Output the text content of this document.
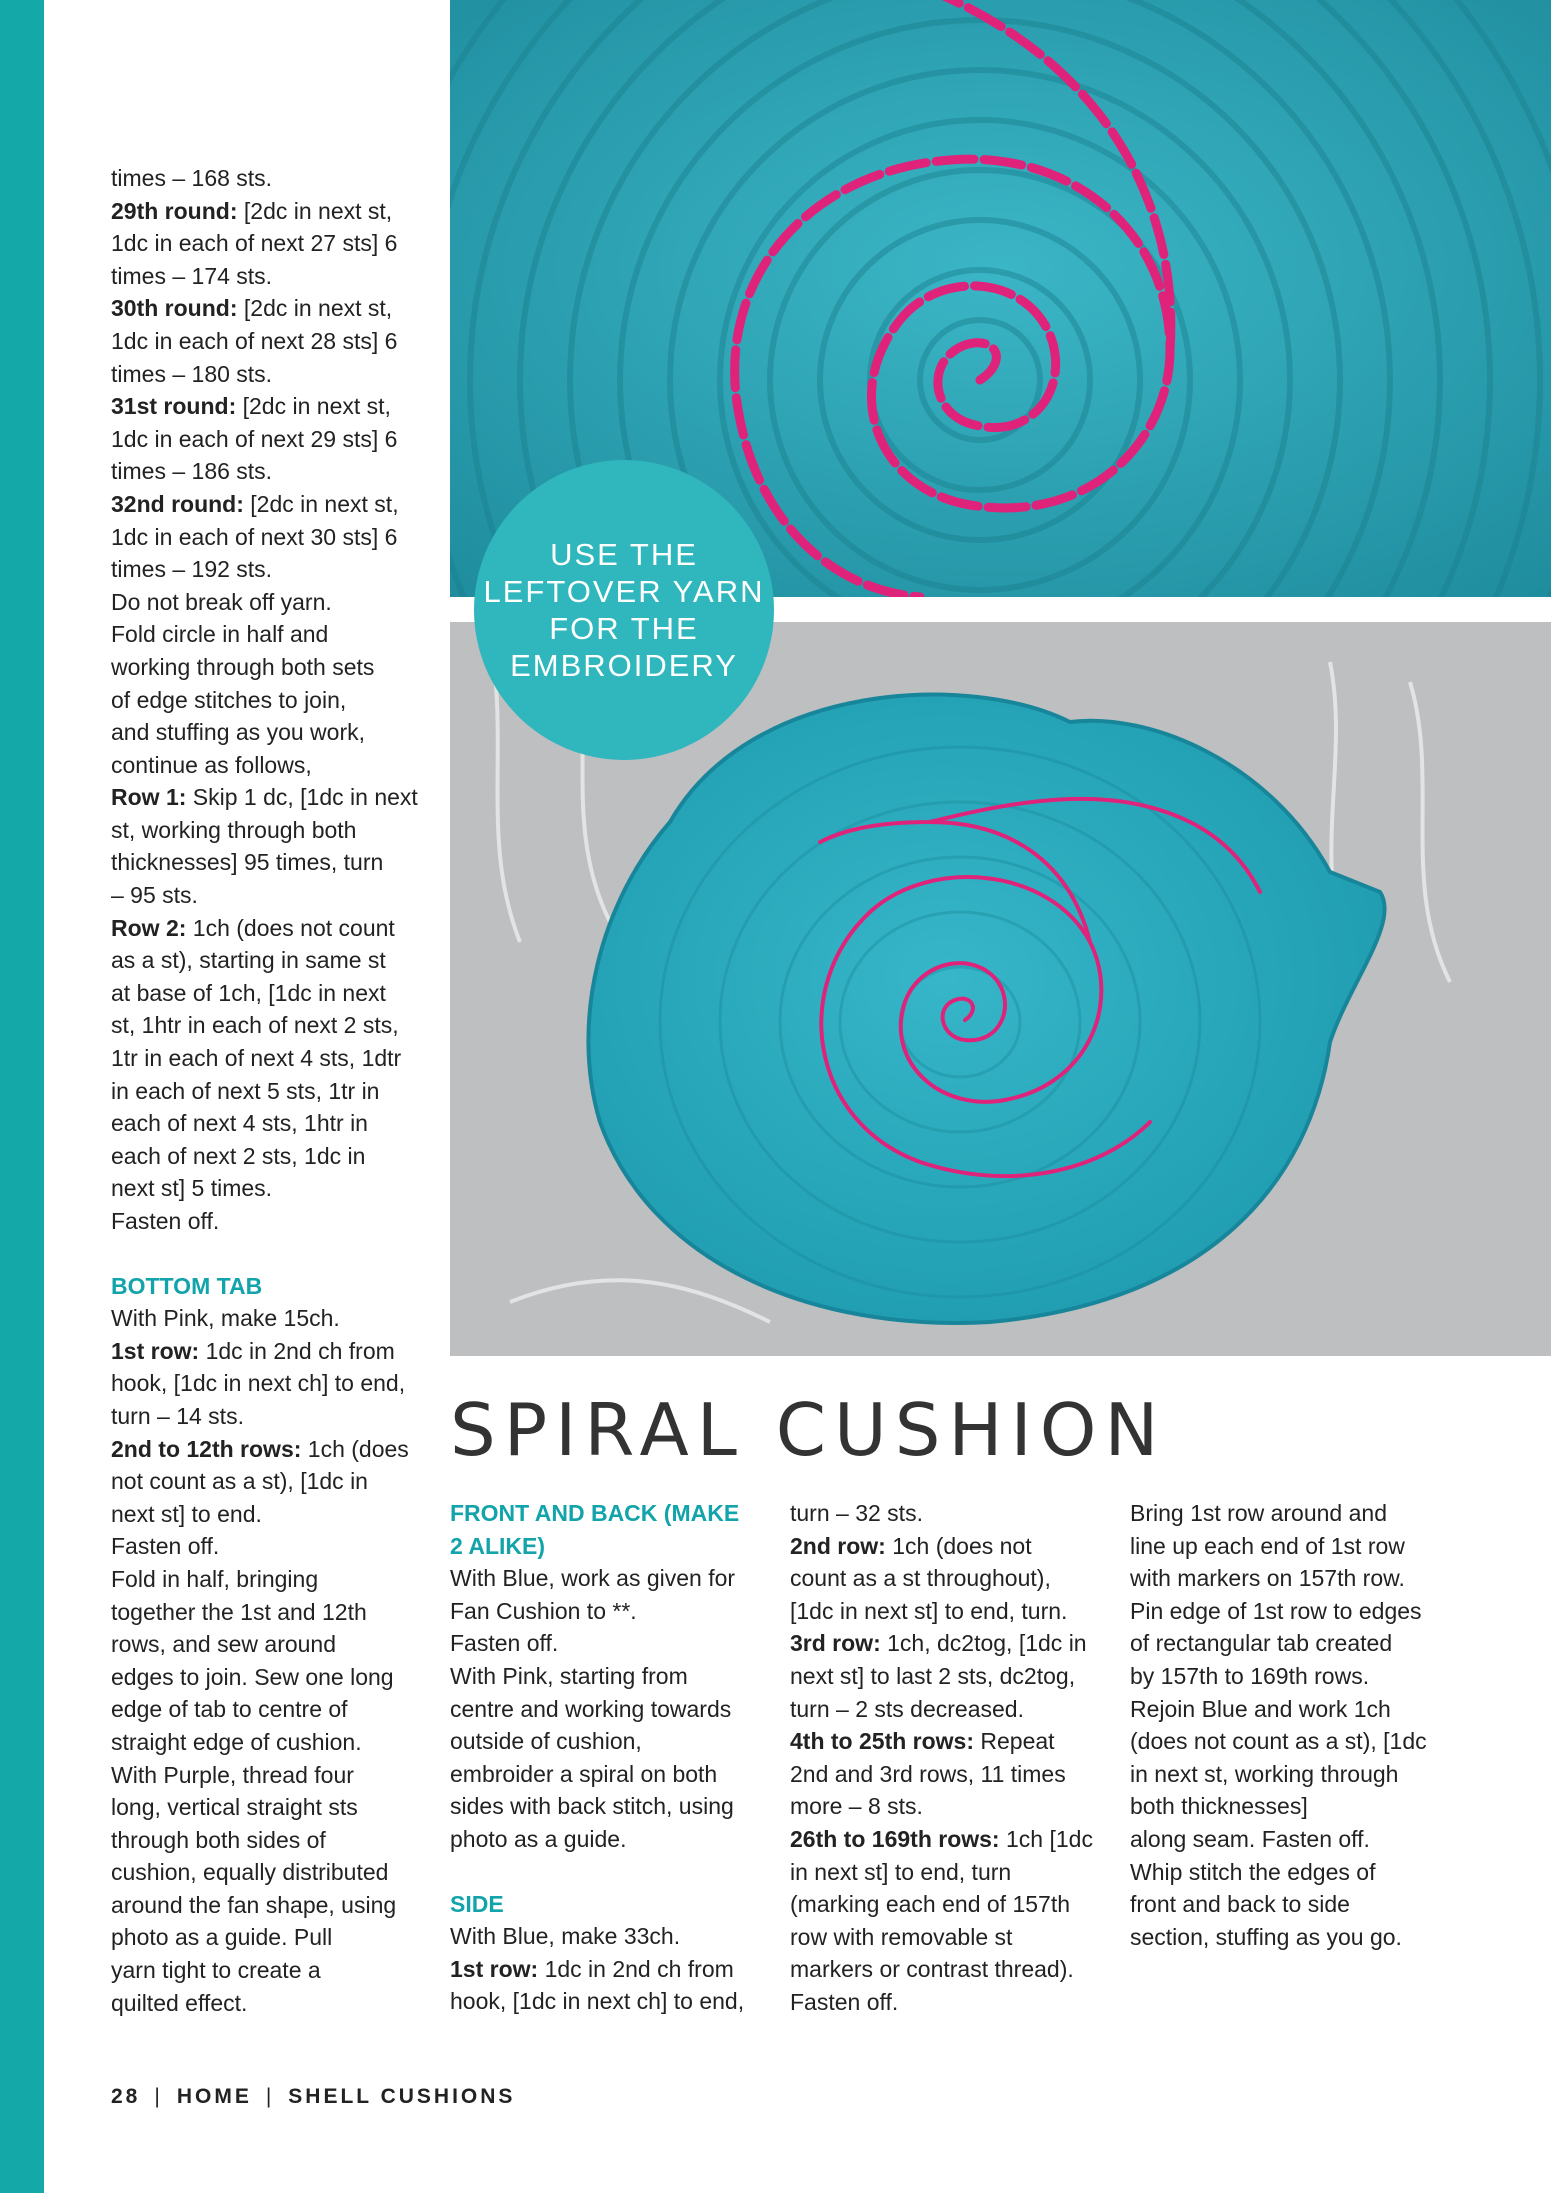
times – 168 sts.

29th round: [2dc in next st,

1dc in each of next 27 sts] 6

times – 174 sts.

30th round: [2dc in next st,

1dc in each of next 28 sts] 6

times – 180 sts.

31st round: [2dc in next st,

1dc in each of next 29 sts] 6

times – 186 sts.

32nd round: [2dc in next st,

1dc in each of next 30 sts] 6

times – 192 sts.

Do not break off yarn.

Fold circle in half and

working through both sets

of edge stitches to join,

and stuffing as you work,

continue as follows,

Row 1: Skip 1 dc, [1dc in next

st, working through both

thicknesses] 95 times, turn

– 95 sts.

Row 2: 1ch (does not count

as a st), starting in same st

at base of 1ch, [1dc in next

st, 1htr in each of next 2 sts,

1tr in each of next 4 sts, 1dtr

in each of next 5 sts, 1tr in

each of next 4 sts, 1htr in

each of next 2 sts, 1dc in

next st] 5 times.

Fasten off.

BOTTOM TAB

With Pink, make 15ch.

1st row: 1dc in 2nd ch from

hook, [1dc in next ch] to end,

turn – 14 sts.

2nd to 12th rows: 1ch (does

not count as a st), [1dc in

next st] to end.

Fasten off.

Fold in half, bringing

together the 1st and 12th

rows, and sew around

edges to join. Sew one long

edge of tab to centre of

straight edge of cushion.

With Purple, thread four

long, vertical straight sts

through both sides of

cushion, equally distributed

around the fan shape, using

photo as a guide. Pull

yarn tight to create a

quilted effect.

USE THE
LEFTOVER YARN
FOR THE
EMBROIDERY
SPIRAL CUSHION

FRONT AND BACK (MAKE

2 ALIKE)

With Blue, work as given for

Fan Cushion to **.

Fasten off.

With Pink, starting from

centre and working towards

outside of cushion,

embroider a spiral on both

sides with back stitch, using

photo as a guide.

SIDE

With Blue, make 33ch.

1st row: 1dc in 2nd ch from

hook, [1dc in next ch] to end,

turn – 32 sts.

2nd row: 1ch (does not

count as a st throughout),

[1dc in next st] to end, turn.

3rd row: 1ch, dc2tog, [1dc in

next st] to last 2 sts, dc2tog,

turn – 2 sts decreased.

4th to 25th rows: Repeat

2nd and 3rd rows, 11 times

more – 8 sts.

26th to 169th rows: 1ch [1dc

in next st] to end, turn

(marking each end of 157th

row with removable st

markers or contrast thread).

Fasten off.

Bring 1st row around and

line up each end of 1st row

with markers on 157th row.

Pin edge of 1st row to edges

of rectangular tab created

by 157th to 169th rows.

Rejoin Blue and work 1ch

(does not count as a st), [1dc

in next st, working through

both thicknesses]

along seam. Fasten off.

Whip stitch the edges of

front and back to side

section, stuffing as you go.

28 | HOME | SHELL CUSHIONS
